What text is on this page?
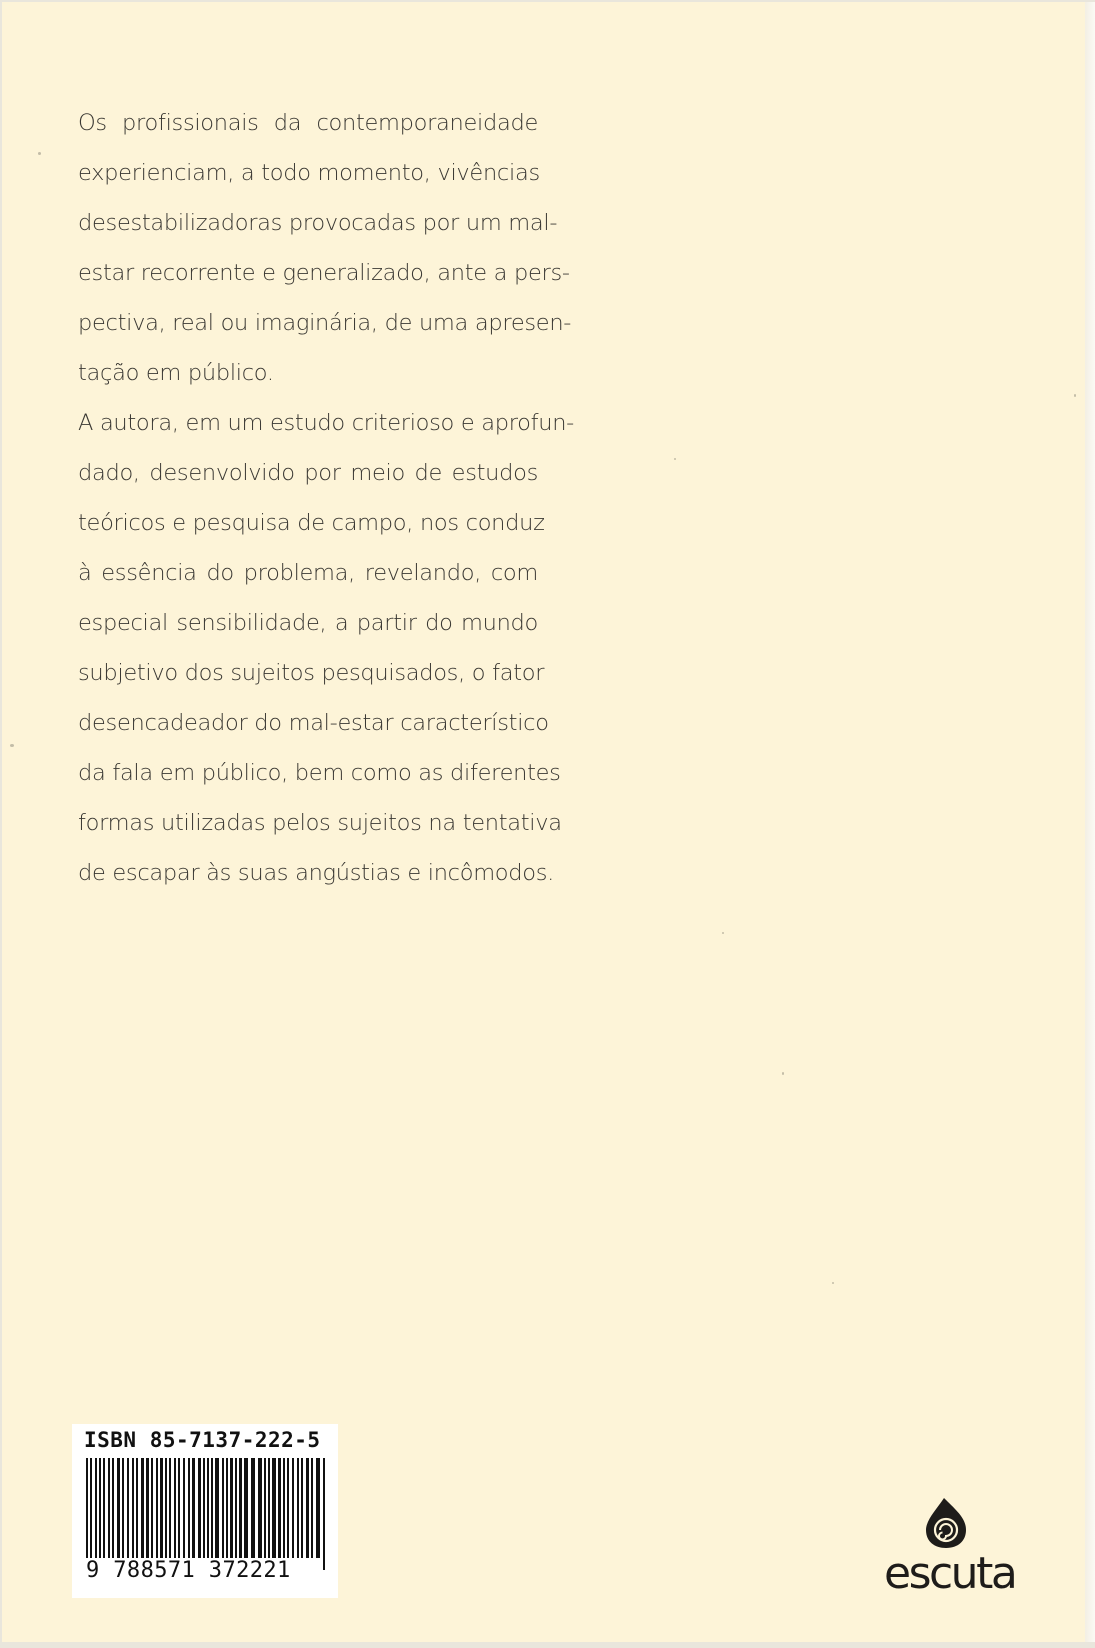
Os profissionais da contemporaneidade
experienciam, a todo momento, vivências
desestabilizadoras provocadas por um mal-
estar recorrente e generalizado, ante a pers-
pectiva, real ou imaginária, de uma apresen-
tação em público.
A autora, em um estudo criterioso e aprofun-
dado, desenvolvido por meio de estudos
teóricos e pesquisa de campo, nos conduz
à essência do problema, revelando, com
especial sensibilidade, a partir do mundo
subjetivo dos sujeitos pesquisados, o fator
desencadeador do mal-estar característico
da fala em público, bem como as diferentes
formas utilizadas pelos sujeitos na tentativa
de escapar às suas angústias e incômodos.
ISBN 85-7137-222-5
9 788571 372221	escuta
